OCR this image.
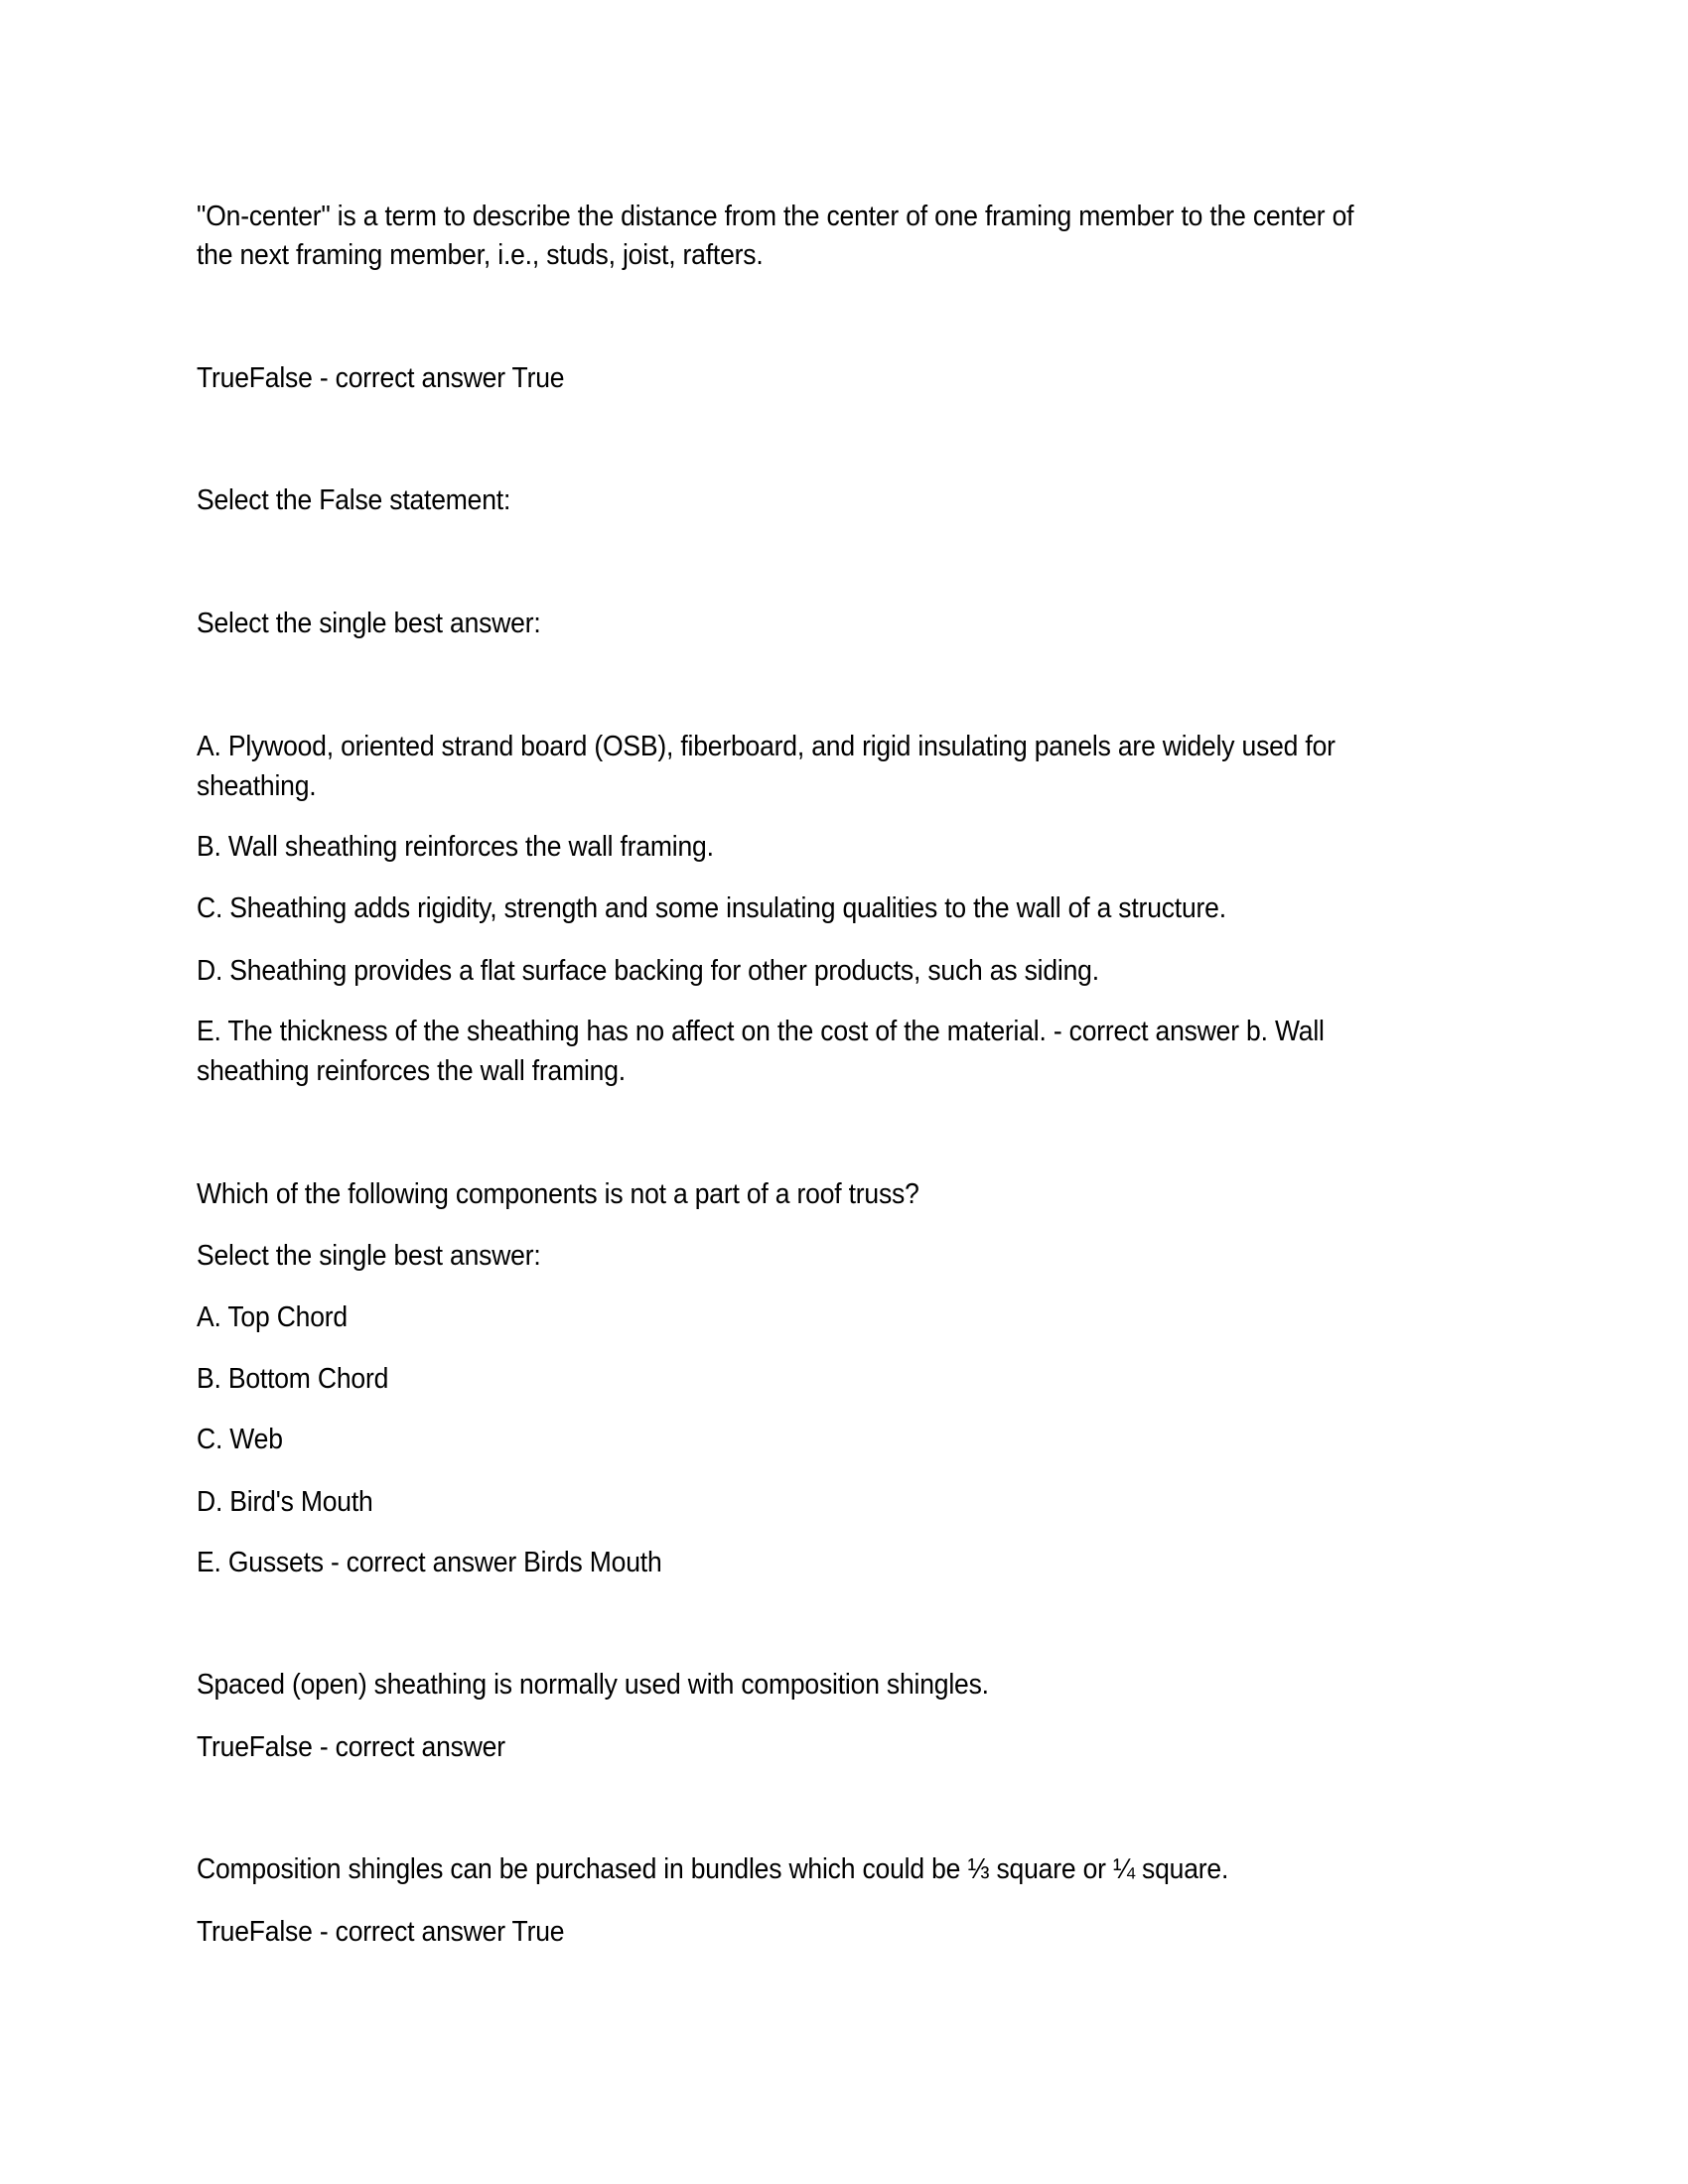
"On-center" is a term to describe the distance from the center of one framing member to the center of
the next framing member, i.e., studs, joist, rafters.
TrueFalse - correct answer True
Select the False statement:
Select the single best answer:
A. Plywood, oriented strand board (OSB), fiberboard, and rigid insulating panels are widely used for
sheathing.
B. Wall sheathing reinforces the wall framing.
C. Sheathing adds rigidity, strength and some insulating qualities to the wall of a structure.
D. Sheathing provides a flat surface backing for other products, such as siding.
E. The thickness of the sheathing has no affect on the cost of the material. - correct answer b. Wall
sheathing reinforces the wall framing.
Which of the following components is not a part of a roof truss?
Select the single best answer:
A. Top Chord
B. Bottom Chord
C. Web
D. Bird's Mouth
E. Gussets - correct answer Birds Mouth
Spaced (open) sheathing is normally used with composition shingles.
TrueFalse - correct answer
Composition shingles can be purchased in bundles which could be ⅓ square or ¼ square.
TrueFalse - correct answer True
